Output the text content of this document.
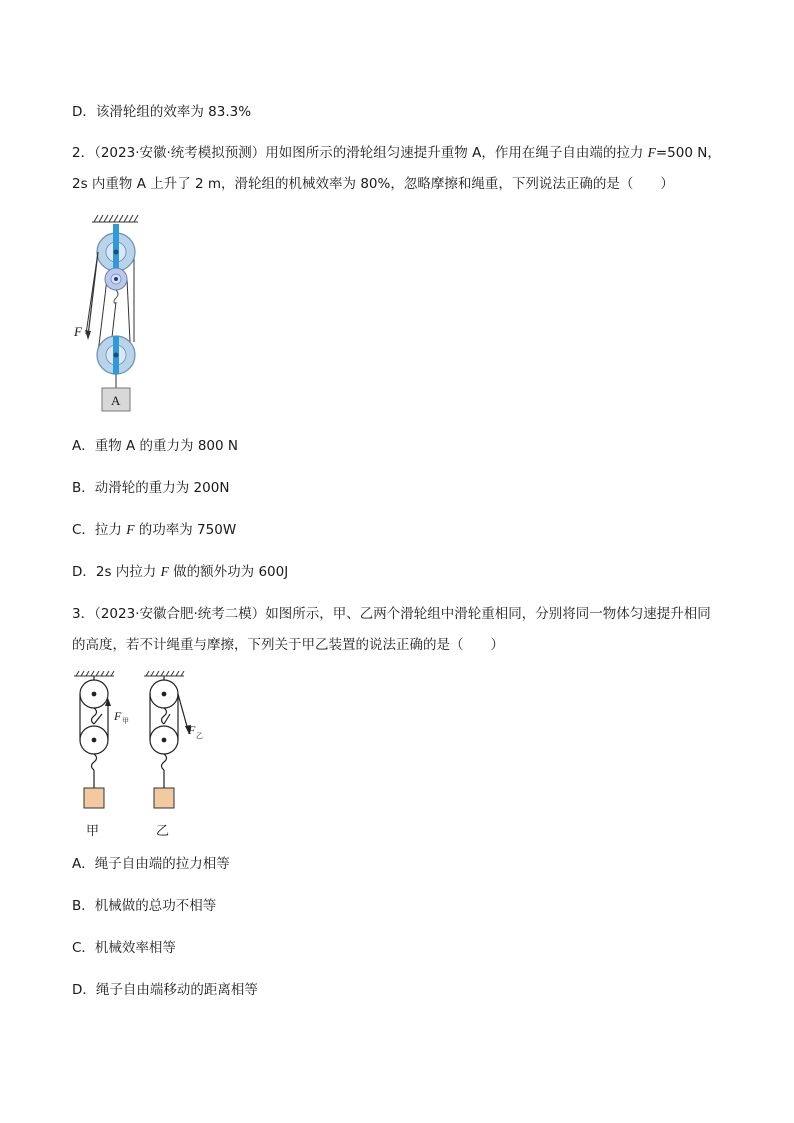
D．该滑轮组的效率为 83.3%
2．（2023·安徽·统考模拟预测）用如图所示的滑轮组匀速提升重物 A，作用在绳子自由端的拉力 F=500 N，
2s 内重物 A 上升了 2 m，滑轮组的机械效率为 80%，忽略摩擦和绳重，下列说法正确的是（　　）
F
A
A．重物 A 的重力为 800 N
B．动滑轮的重力为 200N
C．拉力 F 的功率为 750W
D．2s 内拉力 F 做的额外功为 600J
3．（2023·安徽合肥·统考二模）如图所示，甲、乙两个滑轮组中滑轮重相同，分别将同一物体匀速提升相同
的高度，若不计绳重与摩擦，下列关于甲乙装置的说法正确的是（　　）
F 甲
F 乙
甲	乙
A．绳子自由端的拉力相等
B．机械做的总功不相等
C．机械效率相等
D．绳子自由端移动的距离相等
